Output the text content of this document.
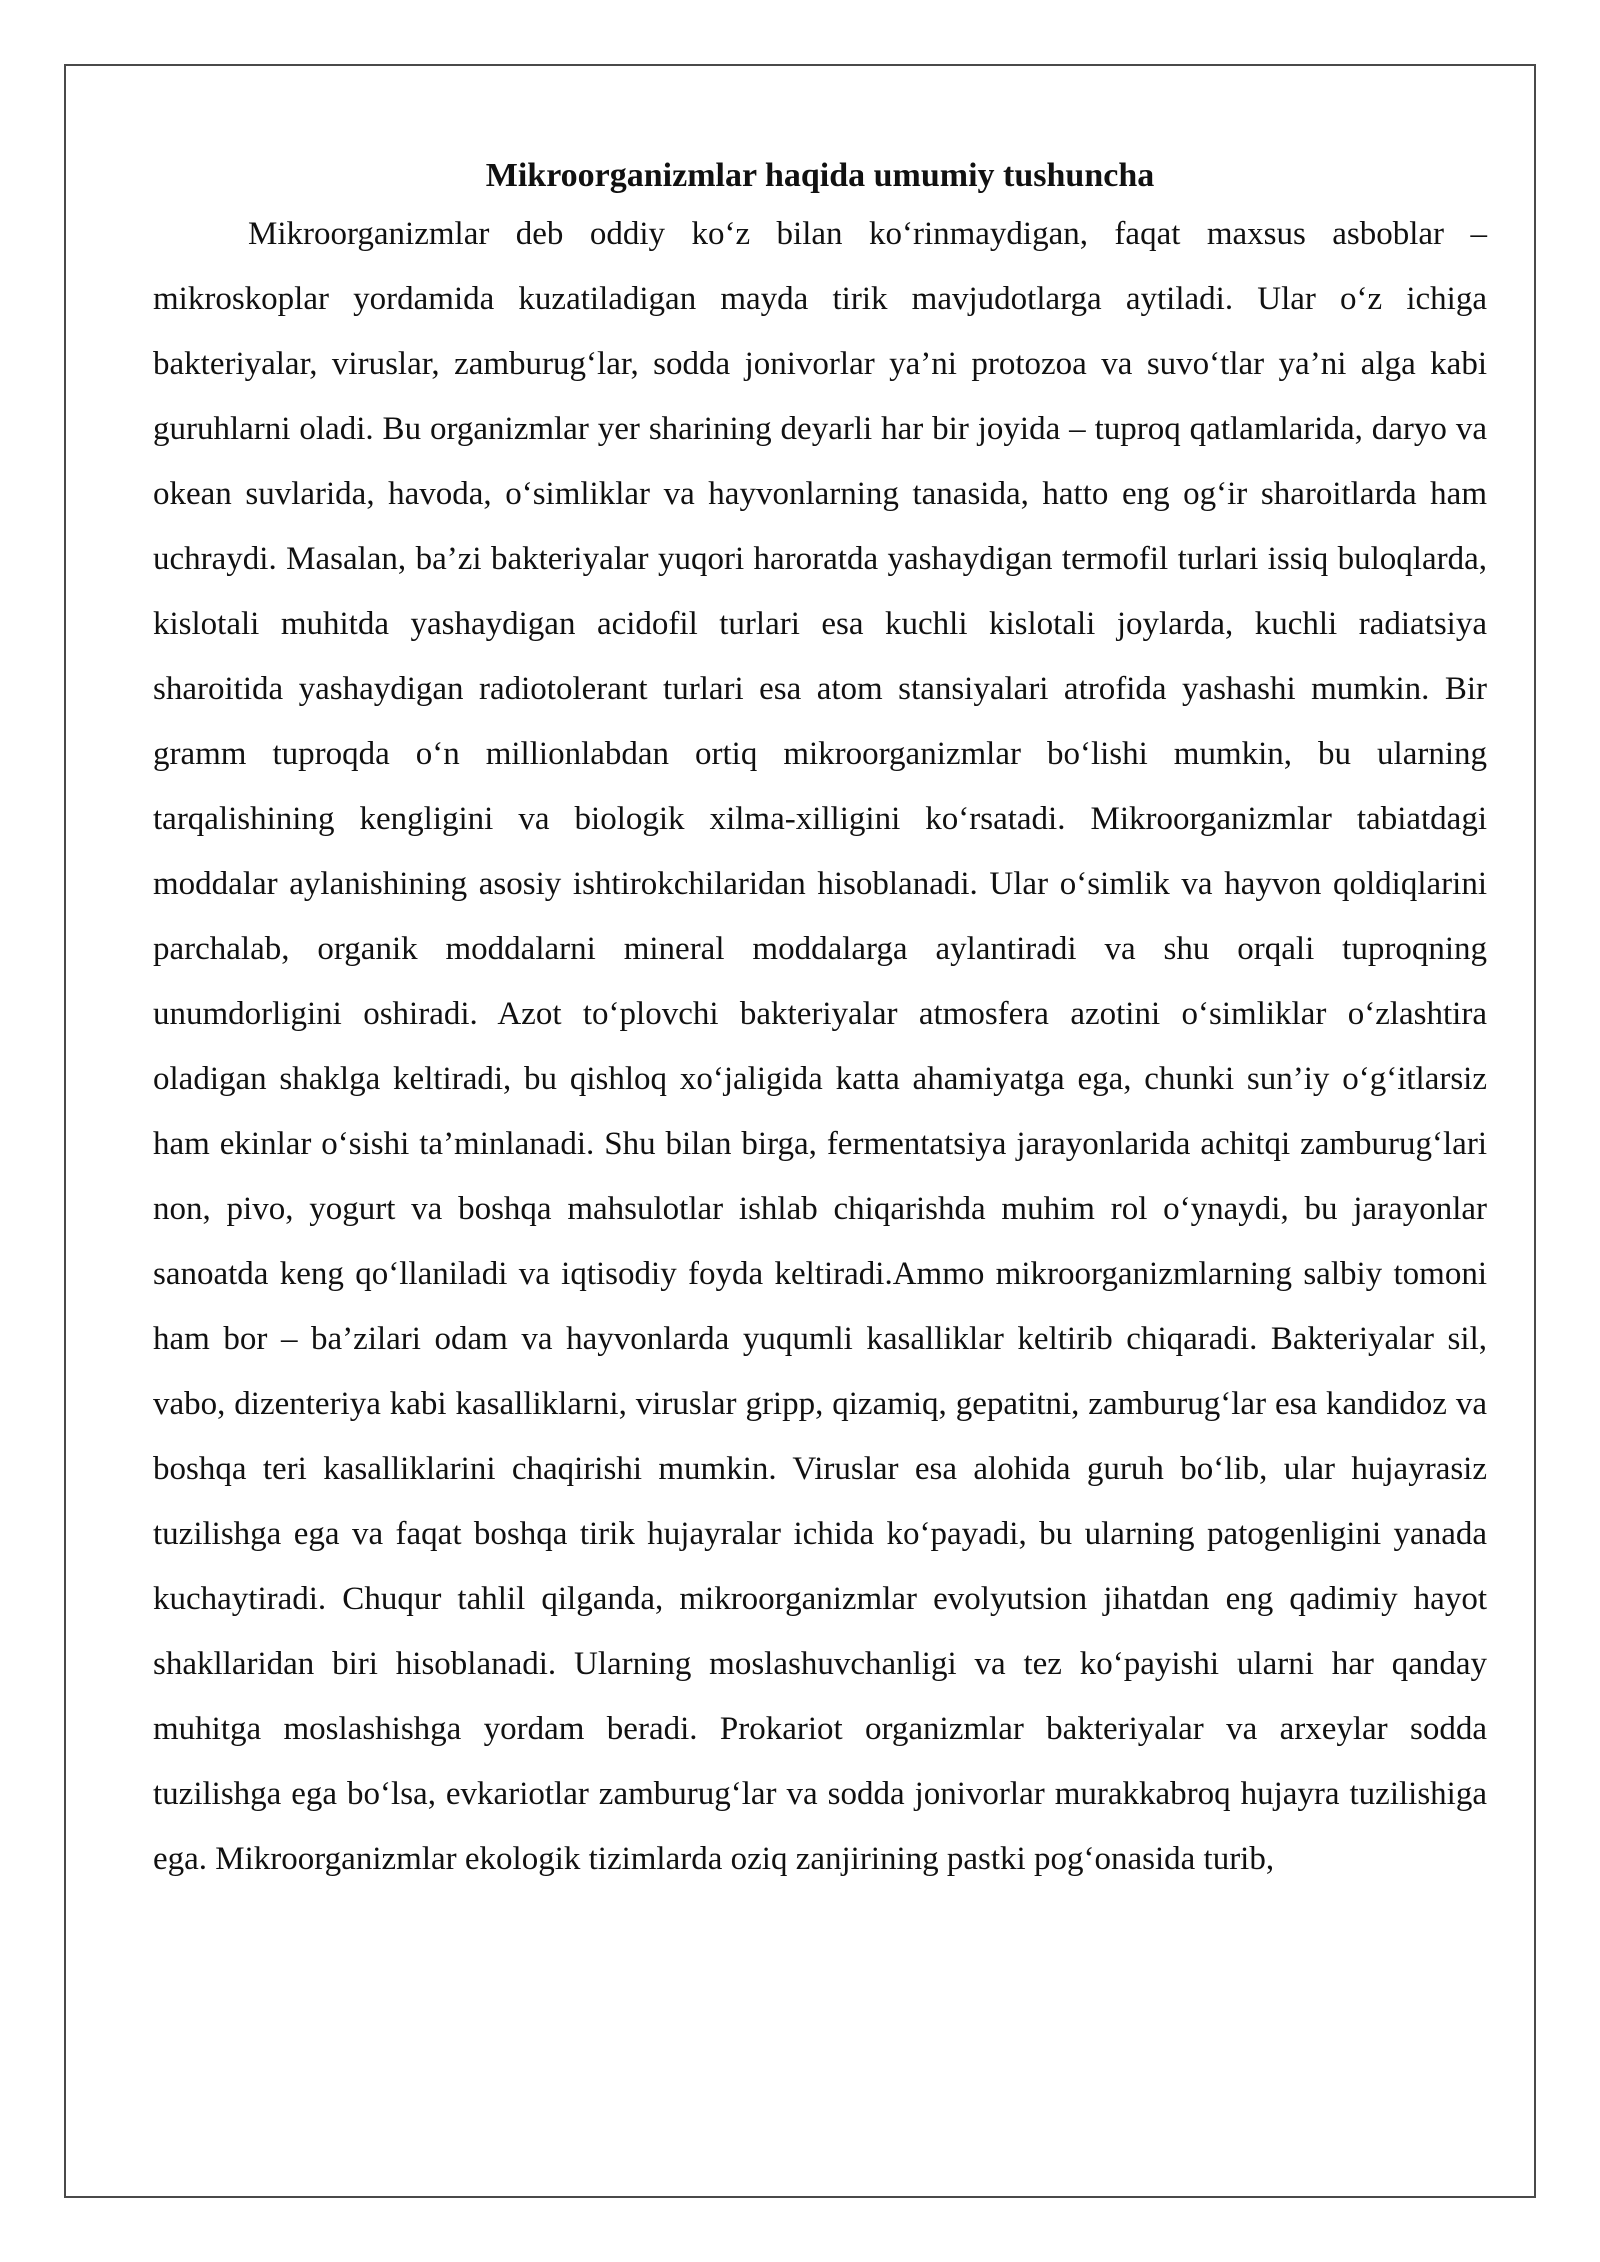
Mikroorganizmlar haqida umumiy tushuncha

Mikroorganizmlar deb oddiy koʻz bilan koʻrinmaydigan, faqat maxsus asboblar – mikroskoplar yordamida kuzatiladigan mayda tirik mavjudotlarga aytiladi. Ular oʻz ichiga bakteriyalar, viruslar, zamburugʻlar, sodda jonivorlar ya’ni protozoa va suvoʻtlar ya’ni alga kabi guruhlarni oladi. Bu organizmlar yer sharining deyarli har bir joyida – tuproq qatlamlarida, daryo va okean suvlarida, havoda, oʻsimliklar va hayvonlarning tanasida, hatto eng ogʻir sharoitlarda ham uchraydi. Masalan, ba’zi bakteriyalar yuqori haroratda yashaydigan termofil turlari issiq buloqlarda, kislotali muhitda yashaydigan acidofil turlari esa kuchli kislotali joylarda, kuchli radiatsiya sharoitida yashaydigan radiotolerant turlari esa atom stansiyalari atrofida yashashi mumkin. Bir gramm tuproqda oʻn millionlabdan ortiq mikroorganizmlar boʻlishi mumkin, bu ularning tarqalishining kengligini va biologik xilma-xilligini koʻrsatadi. Mikroorganizmlar tabiatdagi moddalar aylanishining asosiy ishtirokchilaridan hisoblanadi. Ular oʻsimlik va hayvon qoldiqlarini parchalab, organik moddalarni mineral moddalarga aylantiradi va shu orqali tuproqning unumdorligini oshiradi. Azot toʻplovchi bakteriyalar atmosfera azotini oʻsimliklar oʻzlashtira oladigan shaklga keltiradi, bu qishloq xoʻjaligida katta ahamiyatga ega, chunki sun’iy oʻgʻitlarsiz ham ekinlar oʻsishi ta’minlanadi. Shu bilan birga, fermentatsiya jarayonlarida achitqi zamburugʻlari non, pivo, yogurt va boshqa mahsulotlar ishlab chiqarishda muhim rol oʻynaydi, bu jarayonlar sanoatda keng qoʻllaniladi va iqtisodiy foyda keltiradi.Ammo mikroorganizmlarning salbiy tomoni ham bor – ba’zilari odam va hayvonlarda yuqumli kasalliklar keltirib chiqaradi. Bakteriyalar sil, vabo, dizenteriya kabi kasalliklarni, viruslar gripp, qizamiq, gepatitni, zamburugʻlar esa kandidoz va boshqa teri kasalliklarini chaqirishi mumkin. Viruslar esa alohida guruh boʻlib, ular hujayrasiz tuzilishga ega va faqat boshqa tirik hujayralar ichida koʻpayadi, bu ularning patogenligini yanada kuchaytiradi. Chuqur tahlil qilganda, mikroorganizmlar evolyutsion jihatdan eng qadimiy hayot shakllaridan biri hisoblanadi. Ularning moslashuvchanligi va tez koʻpayishi ularni har qanday muhitga moslashishga yordam beradi. Prokariot organizmlar bakteriyalar va arxeylar sodda tuzilishga ega boʻlsa, evkariotlar zamburugʻlar va sodda jonivorlar murakkabroq hujayra tuzilishiga ega. Mikroorganizmlar ekologik tizimlarda oziq zanjirining pastki pogʻonasida turib,
